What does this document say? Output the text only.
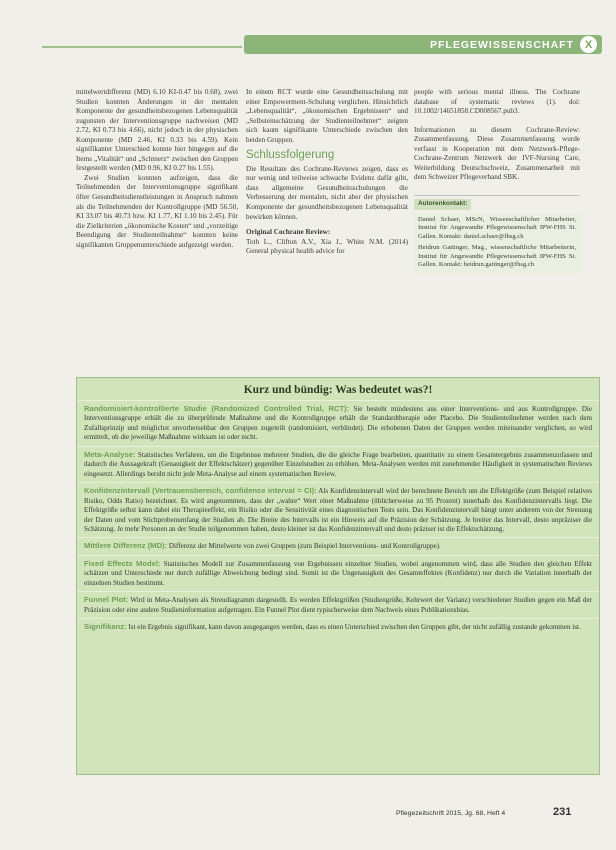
PFLEGEWISSENSCHAFT X

mittelwertdifferenz (MD) 6.10 KI-0.47 bis 0.68), zwei Studien konnten Änderungen in der mentalen Komponente der gesundheitsbezogenen Lebensqualität zugunsten der Interventionsgruppe nachweisen (MD 2.72, KI 0.73 bis 4.66), nicht jedoch in der physischen Komponente (MD 2.46, KI 0.33 bis 4.59). Kein signifikanter Unterschied konnte hier hingegen auf die Items „Vitalität“ und „Schmerz“ zwischen den Gruppen festgestellt werden (MD 0.96, KI 0.27 bis 1.55).

Zwei Studien konnten aufzeigen, dass die Teilnehmenden der Interventionsgruppe signifikant öfter Gesundheitsdienstleistungen in Anspruch nahmen als die Teilnehmenden der Kontrollgruppe (MD 56.50, KI 33.07 bis 40.73 bzw. KI 1.77, KI 1.10 bis 2.45). Für die Zielkriterien „ökonomische Kosten“ und „vorzeitige Beendigung der Studienteilnahme“ konnten keine signifikanten Gruppenunterschiede aufgezeigt werden.

In einem RCT wurde eine Gesundheitsschulung mit einer Empowerment-Schulung verglichen. Hinsichtlich „Lebensqualität“, „ökonomischen Ergebnissen“ und „Selbsteinschätzung der Studienteilnehmer“ zeigten sich kaum signifikante Unterschiede zwischen den beiden Gruppen.

Schlussfolgerung

Die Resultate des Cochrane-Reviews zeigen, dass es nur wenig und teilweise schwache Evidenz dafür gibt, dass allgemeine Gesundheitsschulungen die Verbesserung der mentalen, nicht aber der physischen Komponente der gesundheitsbezogenen Lebensqualität bewirken können.

Original Cochrane Review:

Toth L., Clifton A.V., Xia J., White N.M. (2014) General physical health advice for

people with serious mental illness. The Cochrane database of systematic reviews (1). doi: 10.1002/14651858.CD008567.pub3.

Informationen zu diesem Cochrane-Review: Zusammenfassung. Diese Zusammenfassung wurde verfasst in Kooperation mit dem Netzwerk-Pflege-Cochrane-Zentrum Netzwerk der IVF-Nursing Care, Weiterbildung Deutschschweiz, Zusammenarbeit mit dem Schweizer Pflegeverband SBK.

Autorenkontakt:

Daniel Schaer, MScN, Wissenschaftlicher Mitarbeiter, Institut für Angewandte Pflegewissenschaft IPW-FHS St. Gallen. Kontakt: daniel.schaer@fhsg.ch

Heidrun Gattinger, Mag., wissenschaftliche Mitarbeiterin, Institut für Angewandte Pflegewissenschaft IPW-FHS St. Gallen. Kontakt: heidrun.gattinger@fhsg.ch

Kurz und bündig: Was bedeutet was?!
Randomisiert-kontrollierte Studie (Randomized Controlled Trial, RCT): Sie besteht mindestens aus einer Interventions- und aus Kontrollgruppe. Die Interventionsgruppe erhält die zu überprüfende Maßnahme und die Kontrollgruppe erhält die Standardtherapie oder Placebo. Die Studienteilnehmer werden nach dem Zufallsprinzip und möglichst unvorhersehbar den Gruppen zugeteilt (randomisiert, verblindet). Die erhobenen Daten der Gruppen werden miteinander verglichen, so wird ermittelt, ob die jeweilige Maßnahme wirksam ist oder nicht.
Meta-Analyse: Statistisches Verfahren, um die Ergebnisse mehrerer Studien, die die gleiche Frage bearbeiten, quantitativ zu einem Gesamtergebnis zusammenzufassen und dadurch die Aussagekraft (Genauigkeit der Effektschätzer) gegenüber Einzelstudien zu erhöhen. Meta-Analysen werden mit zunehmender Häufigkeit in systematischen Reviews eingesetzt. Allerdings beruht nicht jede Meta-Analyse auf einem systematischen Review.
Konfidenzintervall (Vertrauensbereich, confidence interval = CI): Als Konfidenzintervall wird der berechnete Bereich um die Effektgröße (zum Beispiel relatives Risiko, Odds Ratio) bezeichnet. Es wird angenommen, dass der „wahre“ Wert einer Maßnahme (üblicherweise zu 95 Prozent) innerhalb des Konfidenzintervalls liegt. Die Effektgröße selbst kann dabei ein Therapieeffekt, ein Risiko oder die Sensitivität eines diagnostischen Tests sein. Das Konfidenzintervall hängt unter anderem von der Streuung der Daten und vom Stichprobenumfang der Studien ab. Die Breite des Intervalls ist ein Hinweis auf die Präzision der Schätzung. Je breiter das Intervall, desto unpräziser die Schätzung. Je mehr Personen an der Studie teilgenommen haben, desto kleiner ist das Konfidenzintervall und desto präziser ist die Effektschätzung.
Mittlere Differenz (MD): Differenz der Mittelwerte von zwei Gruppen (zum Beispiel Interventions- und Kontrollgruppe).
Fixed Effects Model: Statistisches Modell zur Zusammenfassung von Ergebnissen einzelner Studien, wobei angenommen wird, dass alle Studien den gleichen Effekt schätzen und Unterschiede nur durch zufällige Abweichung bedingt sind. Somit ist die Ungenauigkeit des Gesamteffektes (Konfidenz) nur durch die Variation innerhalb der einzelnen Studien bestimmt.
Funnel Plot: Wird in Meta-Analysen als Streudiagramm dargestellt. Es werden Effektgrößen (Studiengröße, Kehrwert der Varianz) verschiedener Studien gegen ein Maß der Präzision oder eine andere Studieninformation aufgetragen. Ein Funnel Plot dient typischerweise dem Nachweis eines Publikationsbias.
Signifikanz: Ist ein Ergebnis signifikant, kann davon ausgegangen werden, dass es einen Unterschied zwischen den Gruppen gibt, der nicht zufällig zustande gekommen ist.
Pflegezeitschrift 2015, Jg. 68, Heft 4	231
